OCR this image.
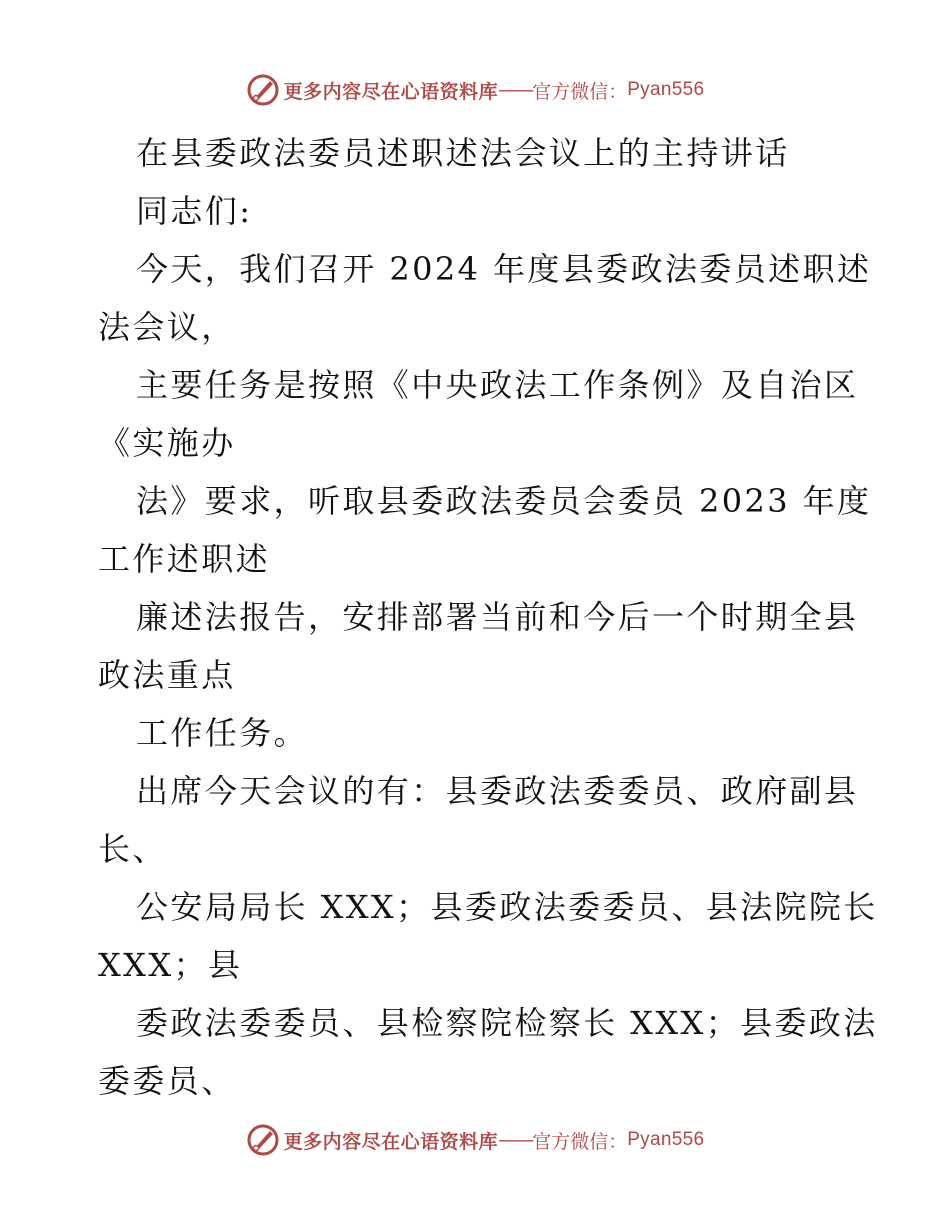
更多内容尽在心语资料库 —— 官方微信： Pyan556
在县委政法委员述职述法会议上的主持讲话
同志们:
今天，我们召开 2024 年度县委政法委员述职述
法会议，
主要任务是按照《中央政法工作条例》及自治区
《实施办
法》要求，听取县委政法委员会委员 2023 年度
工作述职述
廉述法报告，安排部署当前和今后一个时期全县
政法重点
工作任务。
出席今天会议的有：县委政法委委员、政府副县
长、
公安局局长 XXX；县委政法委委员、县法院院长
XXX；县
委政法委委员、县检察院检察长 XXX；县委政法
委委员、
更多内容尽在心语资料库 —— 官方微信： Pyan556
